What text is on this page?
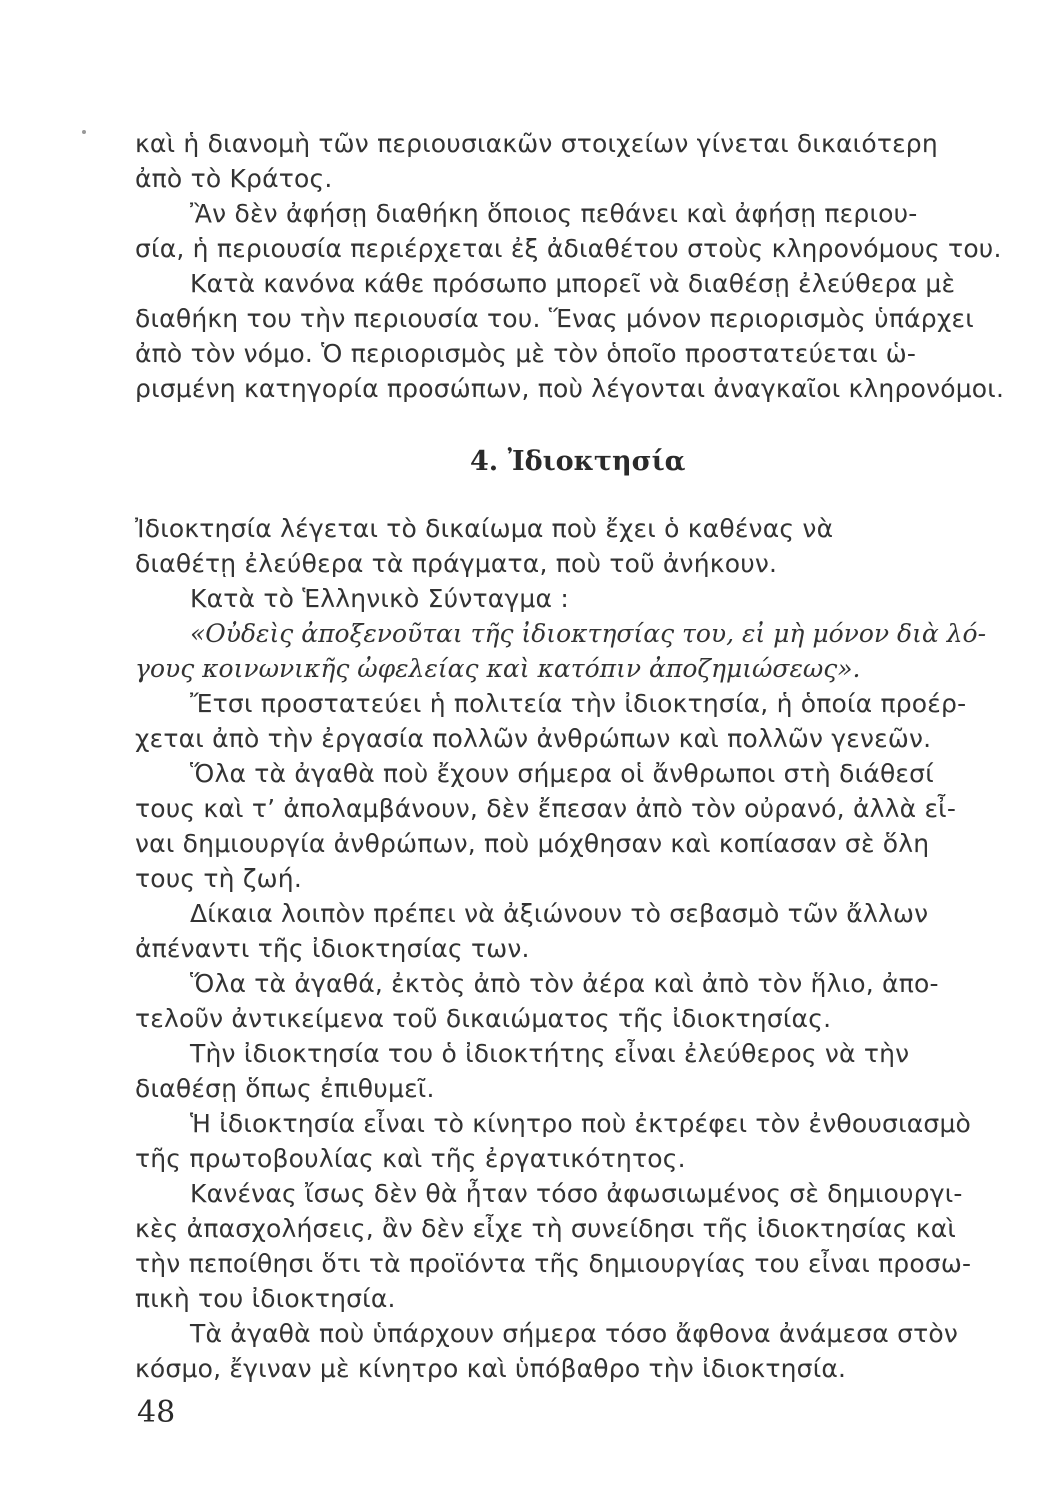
καὶ ἡ διανομὴ τῶν περιουσιακῶν στοιχείων γίνεται δικαιότερη
ἀπὸ τὸ Κράτος.
Ἂν δὲν ἀφήσῃ διαθήκη ὅποιος πεθάνει καὶ ἀφήσῃ περιου-
σία, ἡ περιουσία περιέρχεται ἐξ ἀδιαθέτου στοὺς κληρονόμους του.
Κατὰ κανόνα κάθε πρόσωπο μπορεῖ νὰ διαθέσῃ ἐλεύθερα μὲ
διαθήκη του τὴν περιουσία του. Ἕνας μόνον περιορισμὸς ὑπάρχει
ἀπὸ τὸν νόμο. Ὁ περιορισμὸς μὲ τὸν ὁποῖο προστατεύεται ὡ-
ρισμένη κατηγορία προσώπων, ποὺ λέγονται ἀναγκαῖοι κληρονόμοι.
4. Ἰδιοκτησία
Ἰδιοκτησία λέγεται τὸ δικαίωμα ποὺ ἔχει ὁ καθένας νὰ
διαθέτῃ ἐλεύθερα τὰ πράγματα, ποὺ τοῦ ἀνήκουν.
Κατὰ τὸ Ἑλληνικὸ Σύνταγμα :
«Οὐδεὶς ἀποξενοῦται τῆς ἰδιοκτησίας του, εἰ μὴ μόνον διὰ λό-
γους κοινωνικῆς ὠφελείας καὶ κατόπιν ἀποζημιώσεως».
Ἔτσι προστατεύει ἡ πολιτεία τὴν ἰδιοκτησία, ἡ ὁποία προέρ-
χεται ἀπὸ τὴν ἐργασία πολλῶν ἀνθρώπων καὶ πολλῶν γενεῶν.
Ὅλα τὰ ἀγαθὰ ποὺ ἔχουν σήμερα οἱ ἄνθρωποι στὴ διάθεσί
τους καὶ τ’ ἀπολαμβάνουν, δὲν ἔπεσαν ἀπὸ τὸν οὐρανό, ἀλλὰ εἶ-
ναι δημιουργία ἀνθρώπων, ποὺ μόχθησαν καὶ κοπίασαν σὲ ὅλη
τους τὴ ζωή.
Δίκαια λοιπὸν πρέπει νὰ ἀξιώνουν τὸ σεβασμὸ τῶν ἄλλων
ἀπέναντι τῆς ἰδιοκτησίας των.
Ὅλα τὰ ἀγαθά, ἐκτὸς ἀπὸ τὸν ἀέρα καὶ ἀπὸ τὸν ἥλιο, ἀπο-
τελοῦν ἀντικείμενα τοῦ δικαιώματος τῆς ἰδιοκτησίας.
Τὴν ἰδιοκτησία του ὁ ἰδιοκτήτης εἶναι ἐλεύθερος νὰ τὴν
διαθέσῃ ὅπως ἐπιθυμεῖ.
Ἡ ἰδιοκτησία εἶναι τὸ κίνητρο ποὺ ἐκτρέφει τὸν ἐνθουσιασμὸ
τῆς πρωτοβουλίας καὶ τῆς ἐργατικότητος.
Κανένας ἴσως δὲν θὰ ἦταν τόσο ἀφωσιωμένος σὲ δημιουργι-
κὲς ἀπασχολήσεις, ἂν δὲν εἶχε τὴ συνείδησι τῆς ἰδιοκτησίας καὶ
τὴν πεποίθησι ὅτι τὰ προϊόντα τῆς δημιουργίας του εἶναι προσω-
πικὴ του ἰδιοκτησία.
Τὰ ἀγαθὰ ποὺ ὑπάρχουν σήμερα τόσο ἄφθονα ἀνάμεσα στὸν
κόσμο, ἔγιναν μὲ κίνητρο καὶ ὑπόβαθρο τὴν ἰδιοκτησία.
48
